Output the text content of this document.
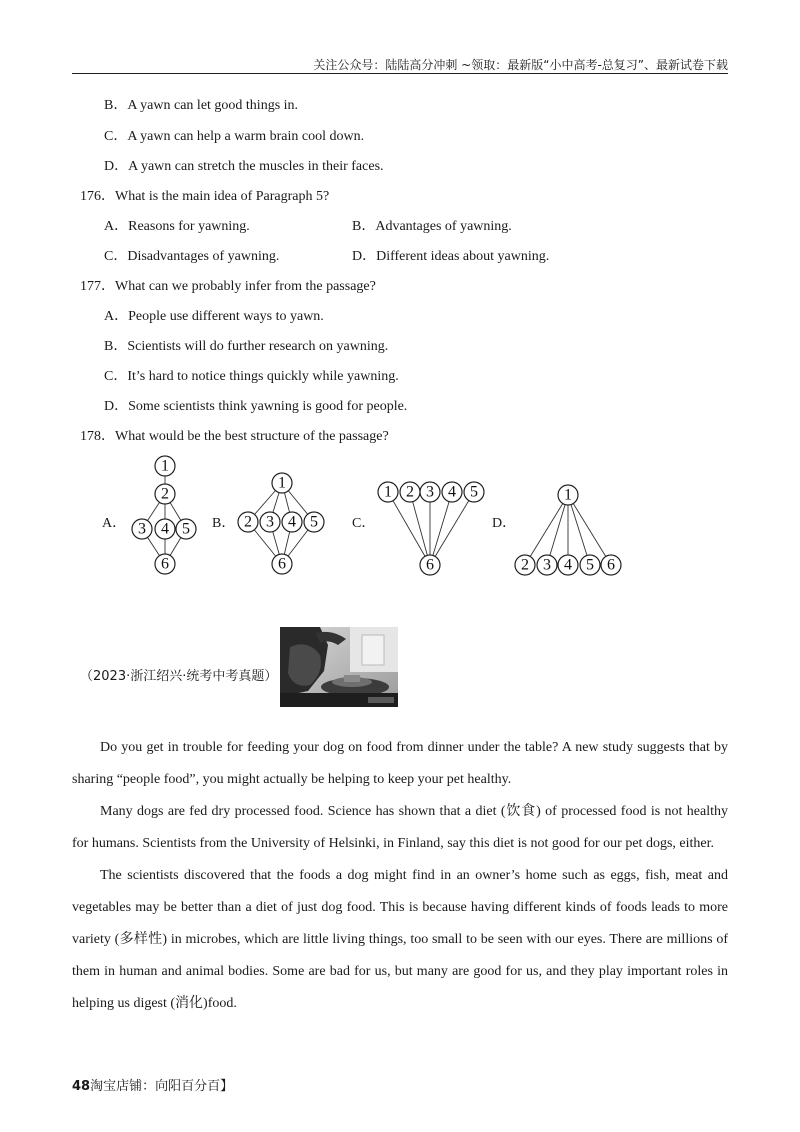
关注公众号：陆陆高分冲刺 ~领取：最新版“小中高考-总复习”、最新试卷下载
B．A yawn can let good things in.
C．A yawn can help a warm brain cool down.
D．A yawn can stretch the muscles in their faces.
176．What is the main idea of Paragraph 5?
A．Reasons for yawning.	B．Advantages of yawning.
C．Disadvantages of yawning.	D．Different ideas about yawning.
177．What can we probably infer from the passage?
A．People use different ways to yawn.
B．Scientists will do further research on yawning.
C．It’s hard to notice things quickly while yawning.
D．Some scientists think yawning is good for people.
178．What would be the best structure of the passage?
A．	B．	C．	D．
1
2
3 4 5
6
1
2 3 4 5
6
1 2 3 4 5
6
1
2 3 4 5 6
（2023·浙江绍兴·统考中考真题）

Do you get in trouble for feeding your dog on food from dinner under the table? A new study suggests that by sharing “people food”, you might actually be helping to keep your pet healthy.

Many dogs are fed dry processed food. Science has shown that a diet (饮食) of processed food is not healthy for humans. Scientists from the University of Helsinki, in Finland, say this diet is not good for our pet dogs, either.

The scientists discovered that the foods a dog might find in an owner’s home such as eggs, fish, meat and vegetables may be better than a diet of just dog food. This is because having different kinds of foods leads to more variety (多样性) in microbes, which are little living things, too small to be seen with our eyes. There are millions of them in human and animal bodies. Some are bad for us, but many are good for us, and they play important roles in helping us digest (消化)food.

48淘宝店铺：向阳百分百】
